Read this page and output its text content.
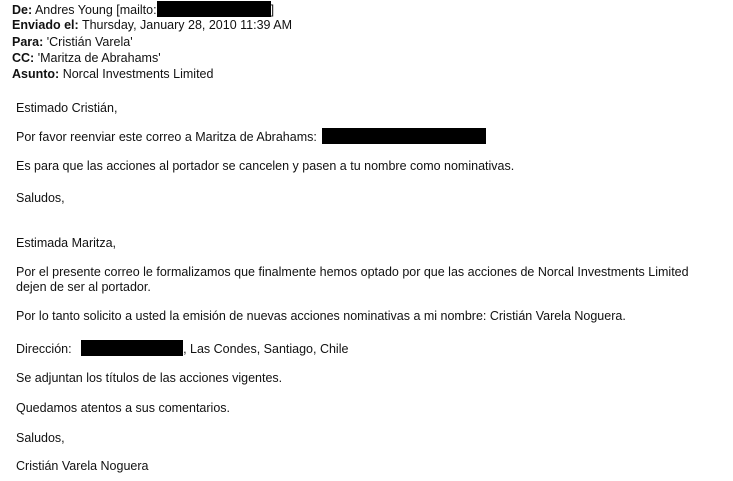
De: Andres Young [mailto:	]
Enviado el: Thursday, January 28, 2010 11:39 AM
Para: 'Cristián Varela'
CC: 'Maritza de Abrahams'
Asunto: Norcal Investments Limited
Estimado Cristián,
Por favor reenviar este correo a Maritza de Abrahams:
Es para que las acciones al portador se cancelen y pasen a tu nombre como nominativas.
Saludos,
Estimada Maritza,
Por el presente correo le formalizamos que finalmente hemos optado por que las acciones de Norcal Investments Limited
dejen de ser al portador.
Por lo tanto solicito a usted la emisión de nuevas acciones nominativas a mi nombre: Cristián Varela Noguera.
Dirección:	, Las Condes, Santiago, Chile
Se adjuntan los títulos de las acciones vigentes.
Quedamos atentos a sus comentarios.
Saludos,
Cristián Varela Noguera
